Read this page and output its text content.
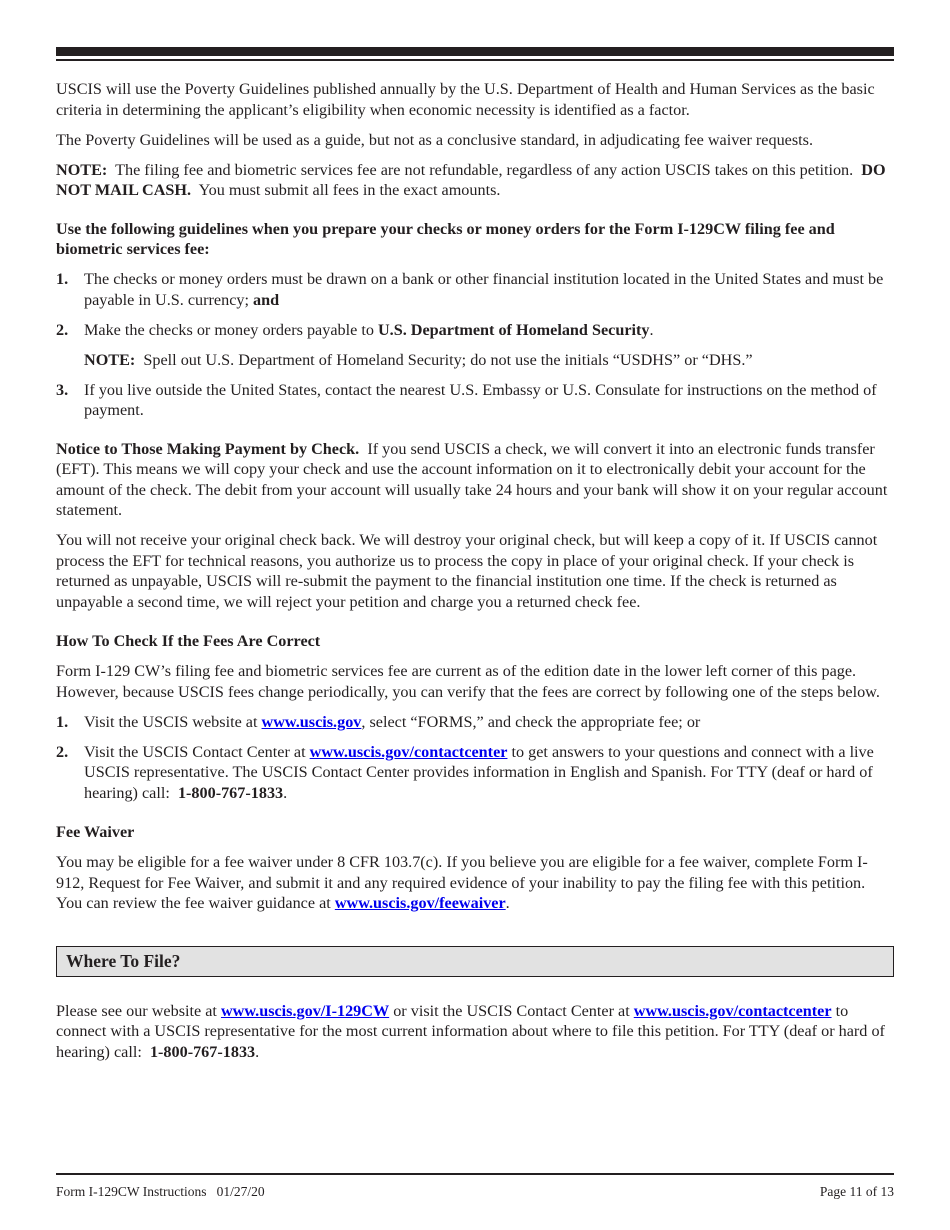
USCIS will use the Poverty Guidelines published annually by the U.S. Department of Health and Human Services as the basic criteria in determining the applicant’s eligibility when economic necessity is identified as a factor.

The Poverty Guidelines will be used as a guide, but not as a conclusive standard, in adjudicating fee waiver requests.

NOTE: The filing fee and biometric services fee are not refundable, regardless of any action USCIS takes on this petition. DO NOT MAIL CASH. You must submit all fees in the exact amounts.

Use the following guidelines when you prepare your checks or money orders for the Form I-129CW filing fee and biometric services fee:

1. The checks or money orders must be drawn on a bank or other financial institution located in the United States and must be payable in U.S. currency; and
2. Make the checks or money orders payable to U.S. Department of Homeland Security.
NOTE: Spell out U.S. Department of Homeland Security; do not use the initials “USDHS” or “DHS.”
3. If you live outside the United States, contact the nearest U.S. Embassy or U.S. Consulate for instructions on the method of payment.

Notice to Those Making Payment by Check. If you send USCIS a check, we will convert it into an electronic funds transfer (EFT). This means we will copy your check and use the account information on it to electronically debit your account for the amount of the check. The debit from your account will usually take 24 hours and your bank will show it on your regular account statement.

You will not receive your original check back. We will destroy your original check, but will keep a copy of it. If USCIS cannot process the EFT for technical reasons, you authorize us to process the copy in place of your original check. If your check is returned as unpayable, USCIS will re-submit the payment to the financial institution one time. If the check is returned as unpayable a second time, we will reject your petition and charge you a returned check fee.

How To Check If the Fees Are Correct

Form I-129 CW’s filing fee and biometric services fee are current as of the edition date in the lower left corner of this page. However, because USCIS fees change periodically, you can verify that the fees are correct by following one of the steps below.

1. Visit the USCIS website at www.uscis.gov, select “FORMS,” and check the appropriate fee; or
2. Visit the USCIS Contact Center at www.uscis.gov/contactcenter to get answers to your questions and connect with a live USCIS representative. The USCIS Contact Center provides information in English and Spanish. For TTY (deaf or hard of hearing) call: 1-800-767-1833.
Fee Waiver

You may be eligible for a fee waiver under 8 CFR 103.7(c). If you believe you are eligible for a fee waiver, complete Form I-912, Request for Fee Waiver, and submit it and any required evidence of your inability to pay the filing fee with this petition. You can review the fee waiver guidance at www.uscis.gov/feewaiver.

Where To File?

Please see our website at www.uscis.gov/I-129CW or visit the USCIS Contact Center at www.uscis.gov/contactcenter to connect with a USCIS representative for the most current information about where to file this petition. For TTY (deaf or hard of hearing) call: 1-800-767-1833.

Form I-129CW Instructions 01/27/20	Page 11 of 13
